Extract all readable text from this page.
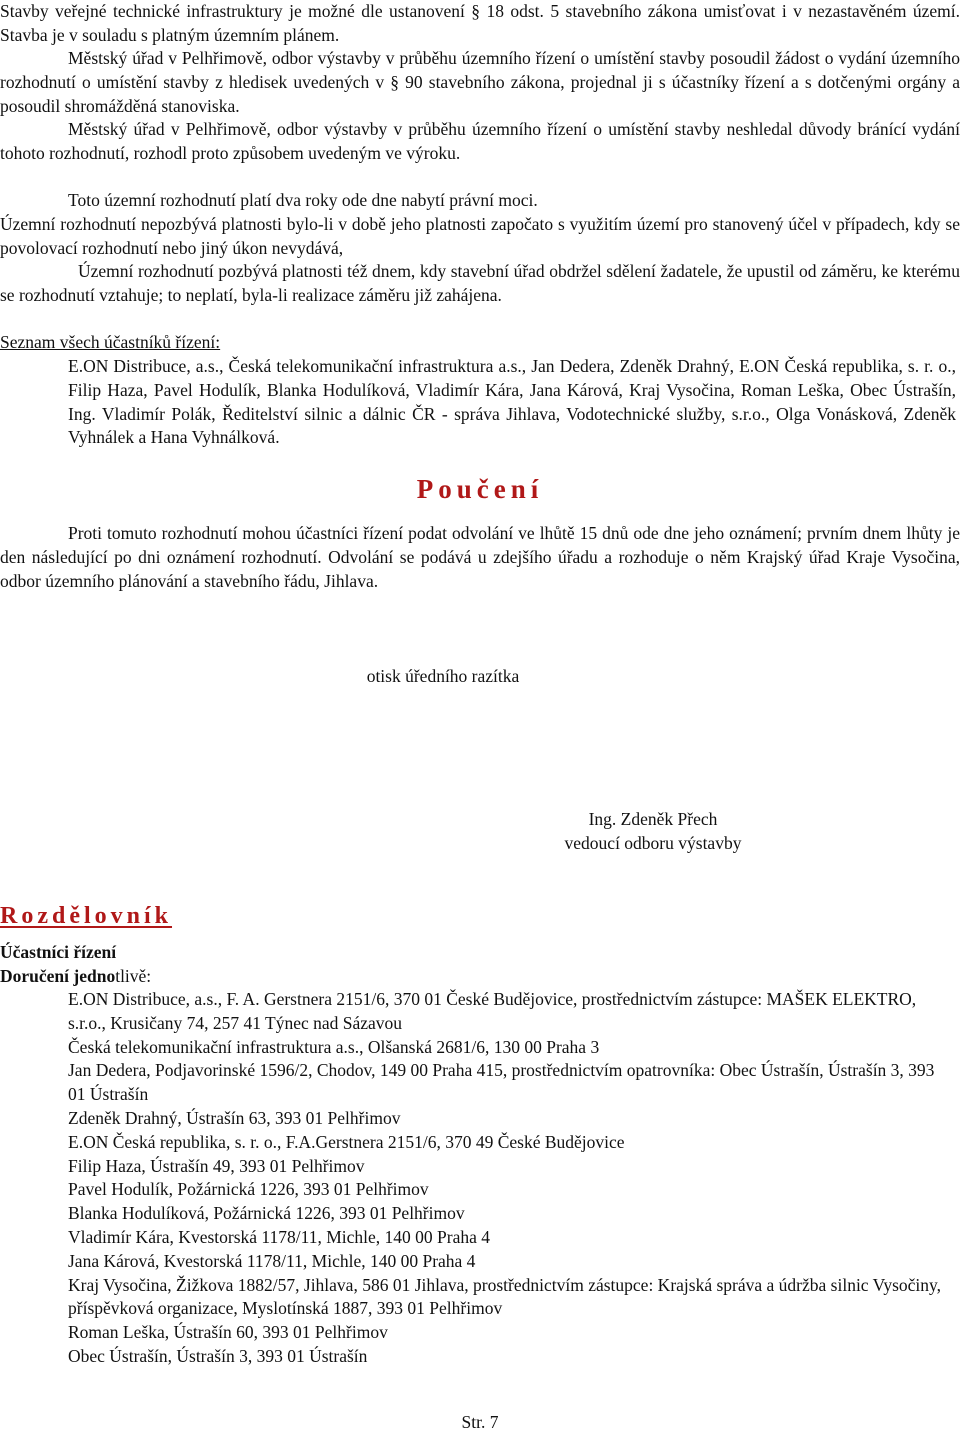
Stavby veřejné technické infrastruktury je možné dle ustanovení § 18 odst. 5 stavebního zákona umisťovat i v nezastavěném území. Stavba je v souladu s platným územním plánem.

Městský úřad v Pelhřimově, odbor výstavby v průběhu územního řízení o umístění stavby posoudil žádost o vydání územního rozhodnutí o umístění stavby z hledisek uvedených v § 90 stavebního zákona, projednal ji s účastníky řízení a s dotčenými orgány a posoudil shromážděná stanoviska.

Městský úřad v Pelhřimově, odbor výstavby v průběhu územního řízení o umístění stavby neshledal důvody bránící vydání tohoto rozhodnutí, rozhodl proto způsobem uvedeným ve výroku.

Toto územní rozhodnutí platí dva roky ode dne nabytí právní moci.

Územní rozhodnutí nepozbývá platnosti bylo-li v době jeho platnosti započato s využitím území pro stanovený účel v případech, kdy se povolovací rozhodnutí nebo jiný úkon nevydává,

Územní rozhodnutí pozbývá platnosti též dnem, kdy stavební úřad obdržel sdělení žadatele, že upustil od záměru, ke kterému se rozhodnutí vztahuje; to neplatí, byla-li realizace záměru již zahájena.

Seznam všech účastníků řízení:

E.ON Distribuce, a.s., Česká telekomunikační infrastruktura a.s., Jan Dedera, Zdeněk Drahný, E.ON Česká republika, s. r. o., Filip Haza, Pavel Hodulík, Blanka Hodulíková, Vladimír Kára, Jana Kárová, Kraj Vysočina, Roman Leška, Obec Ústrašín, Ing. Vladimír Polák, Ředitelství silnic a dálnic ČR - správa Jihlava, Vodotechnické služby, s.r.o., Olga Vonásková, Zdeněk Vyhnálek a Hana Vyhnálková.

Poučení

Proti tomuto rozhodnutí mohou účastníci řízení podat odvolání ve lhůtě 15 dnů ode dne jeho oznámení; prvním dnem lhůty je den následující po dni oznámení rozhodnutí. Odvolání se podává u zdejšího úřadu a rozhoduje o něm Krajský úřad Kraje Vysočina, odbor územního plánování a stavebního řádu, Jihlava.

otisk úředního razítka

Ing. Zdeněk Přech

vedoucí odboru výstavby

Rozdělovník

Účastníci řízení

Doručení jednotlivě:

E.ON Distribuce, a.s., F. A. Gerstnera 2151/6, 370 01 České Budějovice, prostřednictvím zástupce: MAŠEK ELEKTRO, s.r.o., Krusičany 74, 257 41 Týnec nad Sázavou
Česká telekomunikační infrastruktura a.s., Olšanská 2681/6, 130 00 Praha 3
Jan Dedera, Podjavorinské 1596/2, Chodov, 149 00 Praha 415, prostřednictvím opatrovníka: Obec Ústrašín, Ústrašín 3, 393 01 Ústrašín
Zdeněk Drahný, Ústrašín 63, 393 01 Pelhřimov
E.ON Česká republika, s. r. o., F.A.Gerstnera 2151/6, 370 49 České Budějovice
Filip Haza, Ústrašín 49, 393 01 Pelhřimov
Pavel Hodulík, Požárnická 1226, 393 01 Pelhřimov
Blanka Hodulíková, Požárnická 1226, 393 01 Pelhřimov
Vladimír Kára, Kvestorská 1178/11, Michle, 140 00 Praha 4
Jana Kárová, Kvestorská 1178/11, Michle, 140 00 Praha 4
Kraj Vysočina, Žižkova 1882/57, Jihlava, 586 01 Jihlava, prostřednictvím zástupce: Krajská správa a údržba silnic Vysočiny, příspěvková organizace, Myslotínská 1887, 393 01 Pelhřimov
Roman Leška, Ústrašín 60, 393 01 Pelhřimov
Obec Ústrašín, Ústrašín 3, 393 01 Ústrašín
Str. 7
